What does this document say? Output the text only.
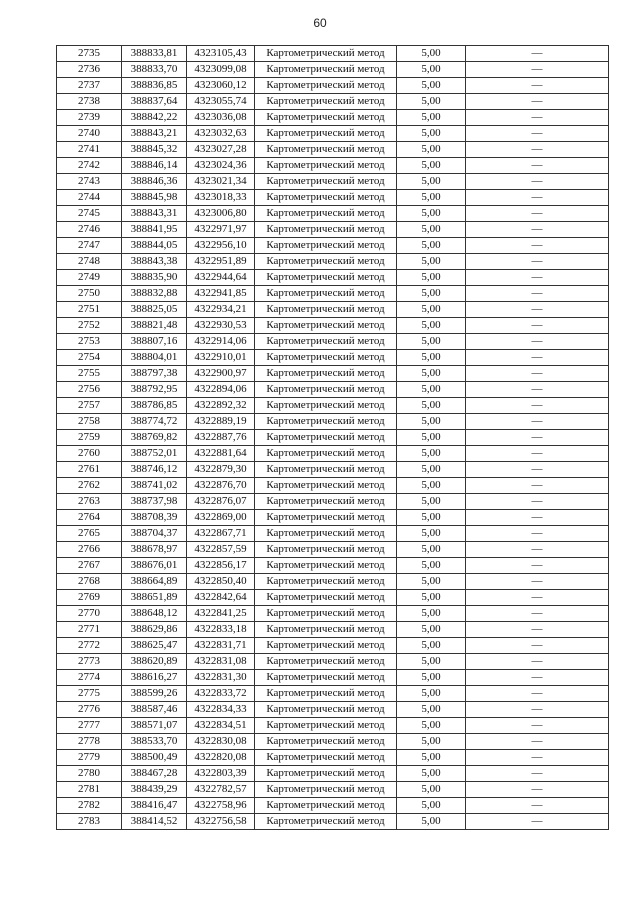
60
2735	388833,81	4323105,43	Картометрический метод	5,00	—
2736	388833,70	4323099,08	Картометрический метод	5,00	—
2737	388836,85	4323060,12	Картометрический метод	5,00	—
2738	388837,64	4323055,74	Картометрический метод	5,00	—
2739	388842,22	4323036,08	Картометрический метод	5,00	—
2740	388843,21	4323032,63	Картометрический метод	5,00	—
2741	388845,32	4323027,28	Картометрический метод	5,00	—
2742	388846,14	4323024,36	Картометрический метод	5,00	—
2743	388846,36	4323021,34	Картометрический метод	5,00	—
2744	388845,98	4323018,33	Картометрический метод	5,00	—
2745	388843,31	4323006,80	Картометрический метод	5,00	—
2746	388841,95	4322971,97	Картометрический метод	5,00	—
2747	388844,05	4322956,10	Картометрический метод	5,00	—
2748	388843,38	4322951,89	Картометрический метод	5,00	—
2749	388835,90	4322944,64	Картометрический метод	5,00	—
2750	388832,88	4322941,85	Картометрический метод	5,00	—
2751	388825,05	4322934,21	Картометрический метод	5,00	—
2752	388821,48	4322930,53	Картометрический метод	5,00	—
2753	388807,16	4322914,06	Картометрический метод	5,00	—
2754	388804,01	4322910,01	Картометрический метод	5,00	—
2755	388797,38	4322900,97	Картометрический метод	5,00	—
2756	388792,95	4322894,06	Картометрический метод	5,00	—
2757	388786,85	4322892,32	Картометрический метод	5,00	—
2758	388774,72	4322889,19	Картометрический метод	5,00	—
2759	388769,82	4322887,76	Картометрический метод	5,00	—
2760	388752,01	4322881,64	Картометрический метод	5,00	—
2761	388746,12	4322879,30	Картометрический метод	5,00	—
2762	388741,02	4322876,70	Картометрический метод	5,00	—
2763	388737,98	4322876,07	Картометрический метод	5,00	—
2764	388708,39	4322869,00	Картометрический метод	5,00	—
2765	388704,37	4322867,71	Картометрический метод	5,00	—
2766	388678,97	4322857,59	Картометрический метод	5,00	—
2767	388676,01	4322856,17	Картометрический метод	5,00	—
2768	388664,89	4322850,40	Картометрический метод	5,00	—
2769	388651,89	4322842,64	Картометрический метод	5,00	—
2770	388648,12	4322841,25	Картометрический метод	5,00	—
2771	388629,86	4322833,18	Картометрический метод	5,00	—
2772	388625,47	4322831,71	Картометрический метод	5,00	—
2773	388620,89	4322831,08	Картометрический метод	5,00	—
2774	388616,27	4322831,30	Картометрический метод	5,00	—
2775	388599,26	4322833,72	Картометрический метод	5,00	—
2776	388587,46	4322834,33	Картометрический метод	5,00	—
2777	388571,07	4322834,51	Картометрический метод	5,00	—
2778	388533,70	4322830,08	Картометрический метод	5,00	—
2779	388500,49	4322820,08	Картометрический метод	5,00	—
2780	388467,28	4322803,39	Картометрический метод	5,00	—
2781	388439,29	4322782,57	Картометрический метод	5,00	—
2782	388416,47	4322758,96	Картометрический метод	5,00	—
2783	388414,52	4322756,58	Картометрический метод	5,00	—
